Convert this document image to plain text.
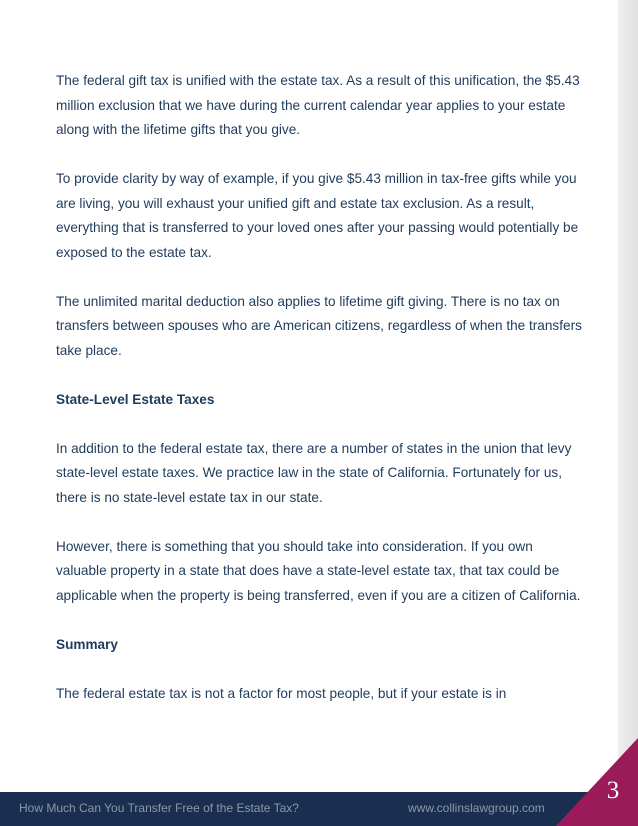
The federal gift tax is unified with the estate tax. As a result of this unification, the $5.43 million exclusion that we have during the current calendar year applies to your estate along with the lifetime gifts that you give.

To provide clarity by way of example, if you give $5.43 million in tax-free gifts while you are living, you will exhaust your unified gift and estate tax exclusion. As a result, everything that is transferred to your loved ones after your passing would potentially be exposed to the estate tax.

The unlimited marital deduction also applies to lifetime gift giving. There is no tax on transfers between spouses who are American citizens, regardless of when the transfers take place.

State-Level Estate Taxes

In addition to the federal estate tax, there are a number of states in the union that levy state-level estate taxes. We practice law in the state of California. Fortunately for us, there is no state-level estate tax in our state.

However, there is something that you should take into consideration. If you own valuable property in a state that does have a state-level estate tax, that tax could be applicable when the property is being transferred, even if you are a citizen of California.

Summary

The federal estate tax is not a factor for most people, but if your estate is in

How Much Can You Transfer Free of the Estate Tax?	www.collinslawgroup.com
3
